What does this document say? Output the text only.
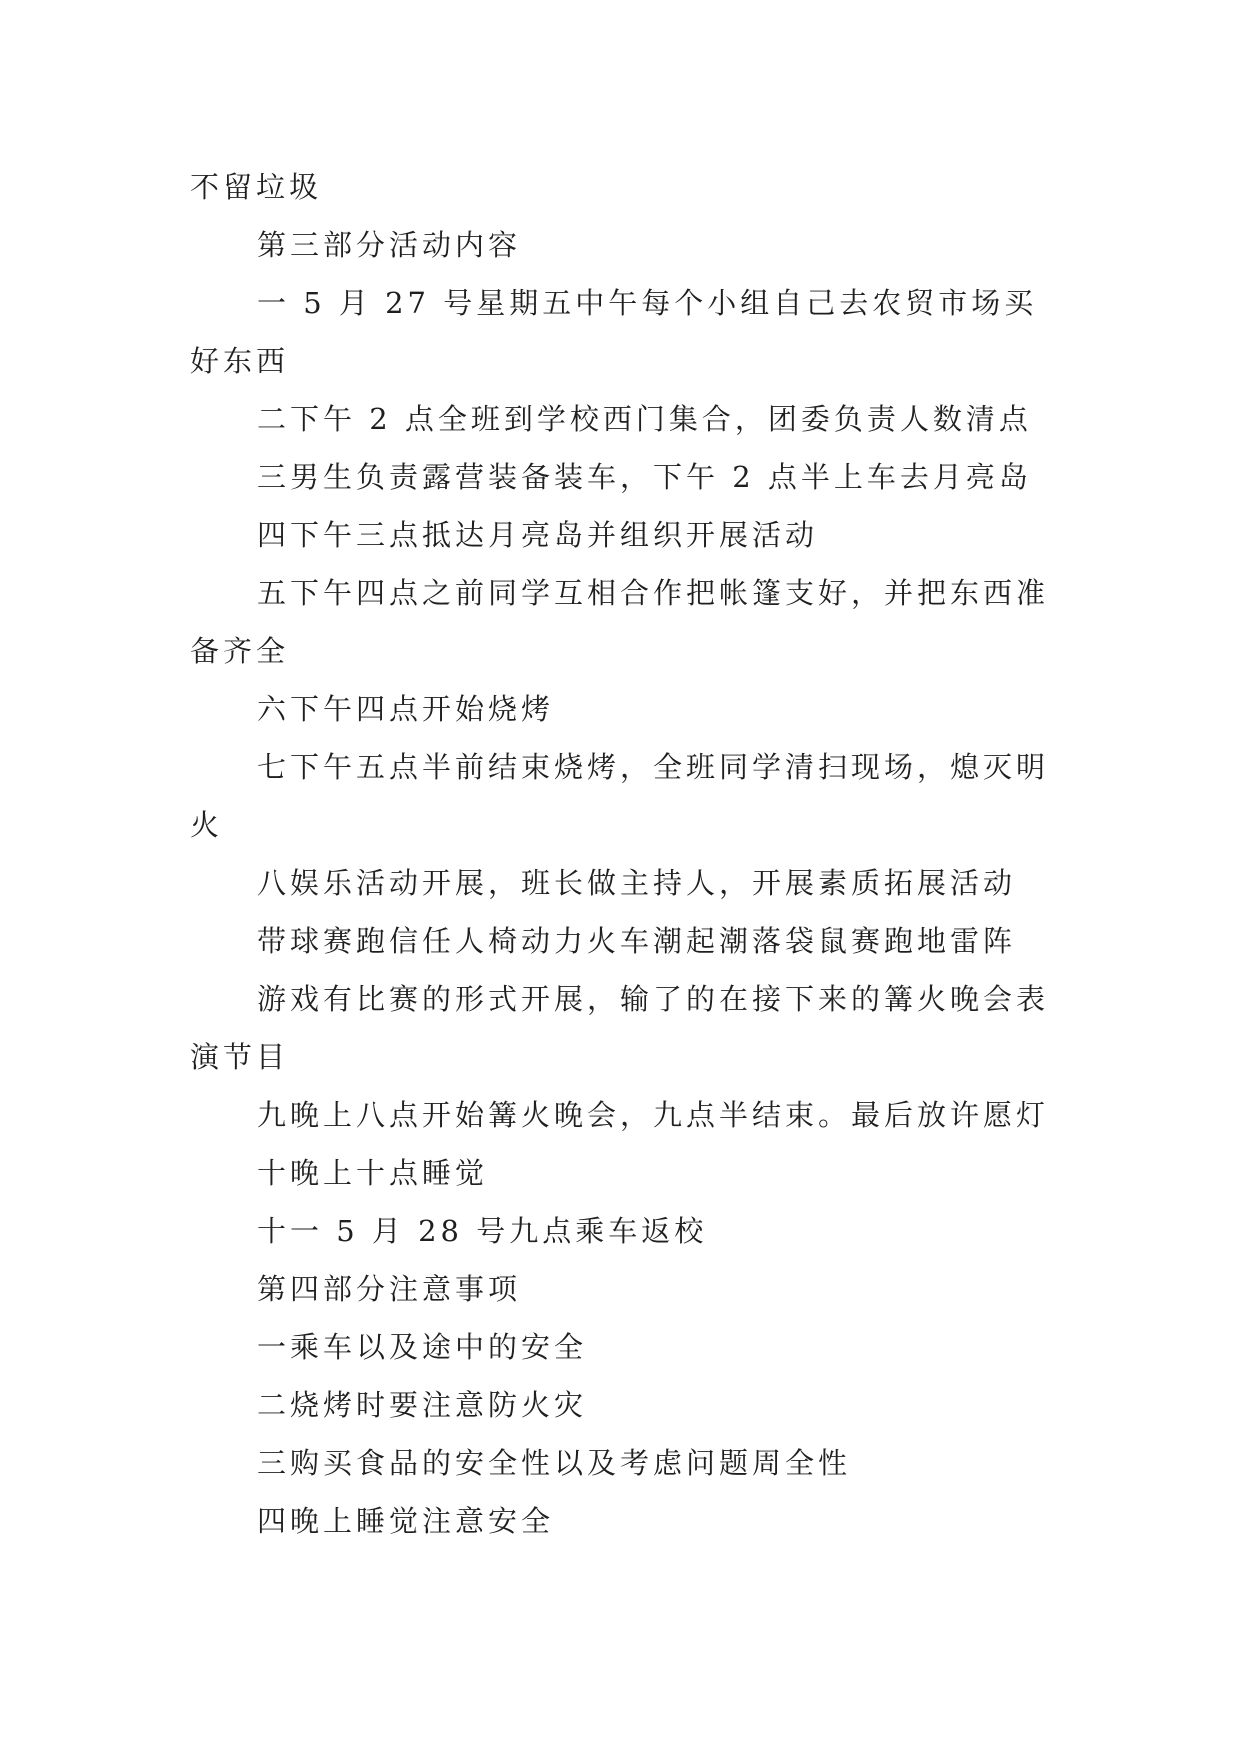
不留垃圾

第三部分活动内容

一 5 月 27 号星期五中午每个小组自己去农贸市场买好东西

二下午 2 点全班到学校西门集合，团委负责人数清点

三男生负责露营装备装车，下午 2 点半上车去月亮岛

四下午三点抵达月亮岛并组织开展活动

五下午四点之前同学互相合作把帐篷支好，并把东西准备齐全

六下午四点开始烧烤

七下午五点半前结束烧烤，全班同学清扫现场，熄灭明火

八娱乐活动开展，班长做主持人，开展素质拓展活动

带球赛跑信任人椅动力火车潮起潮落袋鼠赛跑地雷阵

游戏有比赛的形式开展，输了的在接下来的篝火晚会表演节目

九晚上八点开始篝火晚会，九点半结束。最后放许愿灯

十晚上十点睡觉

十一 5 月 28 号九点乘车返校

第四部分注意事项

一乘车以及途中的安全

二烧烤时要注意防火灾

三购买食品的安全性以及考虑问题周全性

四晚上睡觉注意安全
